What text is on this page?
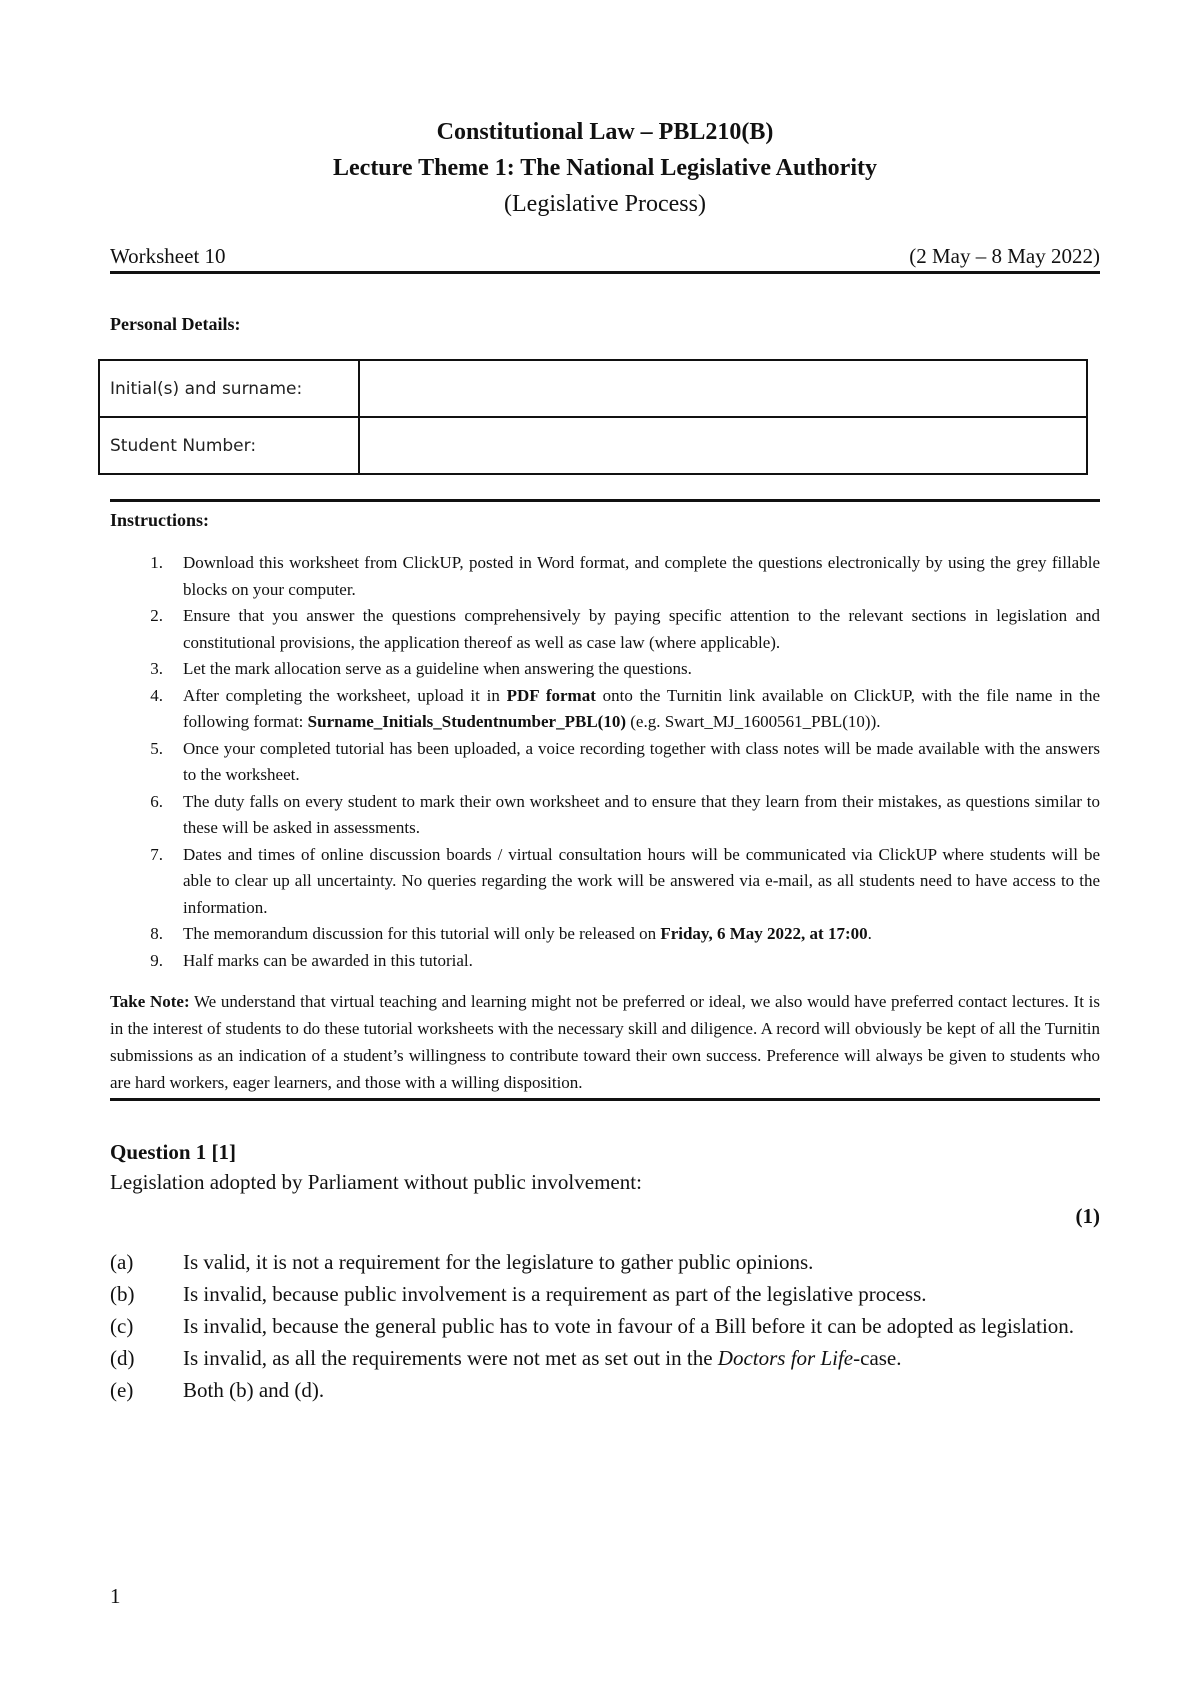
Constitutional Law – PBL210(B)
Lecture Theme 1: The National Legislative Authority
(Legislative Process)
Worksheet 10	(2 May – 8 May 2022)
Personal Details:
Initial(s) and surname:	
Student Number:	
Instructions:
1.	Download this worksheet from ClickUP, posted in Word format, and complete the questions electronically by using the grey fillable blocks on your computer.
2.	Ensure that you answer the questions comprehensively by paying specific attention to the relevant sections in legislation and constitutional provisions, the application thereof as well as case law (where applicable).
3.	Let the mark allocation serve as a guideline when answering the questions.
4.	After completing the worksheet, upload it in PDF format onto the Turnitin link available on ClickUP, with the file name in the following format: Surname_Initials_Studentnumber_PBL(10) (e.g. Swart_MJ_1600561_PBL(10)).
5.	Once your completed tutorial has been uploaded, a voice recording together with class notes will be made available with the answers to the worksheet.
6.	The duty falls on every student to mark their own worksheet and to ensure that they learn from their mistakes, as questions similar to these will be asked in assessments.
7.	Dates and times of online discussion boards / virtual consultation hours will be communicated via ClickUP where students will be able to clear up all uncertainty. No queries regarding the work will be answered via e-mail, as all students need to have access to the information.
8.	The memorandum discussion for this tutorial will only be released on Friday, 6 May 2022, at 17:00.
9.	Half marks can be awarded in this tutorial.
Take Note: We understand that virtual teaching and learning might not be preferred or ideal, we also would have preferred contact lectures. It is in the interest of students to do these tutorial worksheets with the necessary skill and diligence. A record will obviously be kept of all the Turnitin submissions as an indication of a student’s willingness to contribute toward their own success. Preference will always be given to students who are hard workers, eager learners, and those with a willing disposition.
Question 1 [1]
Legislation adopted by Parliament without public involvement:
(1)
(a)	Is valid, it is not a requirement for the legislature to gather public opinions.
(b)	Is invalid, because public involvement is a requirement as part of the legislative process.
(c)	Is invalid, because the general public has to vote in favour of a Bill before it can be adopted as legislation.
(d)	Is invalid, as all the requirements were not met as set out in the Doctors for Life-case.
(e)	Both (b) and (d).
1
